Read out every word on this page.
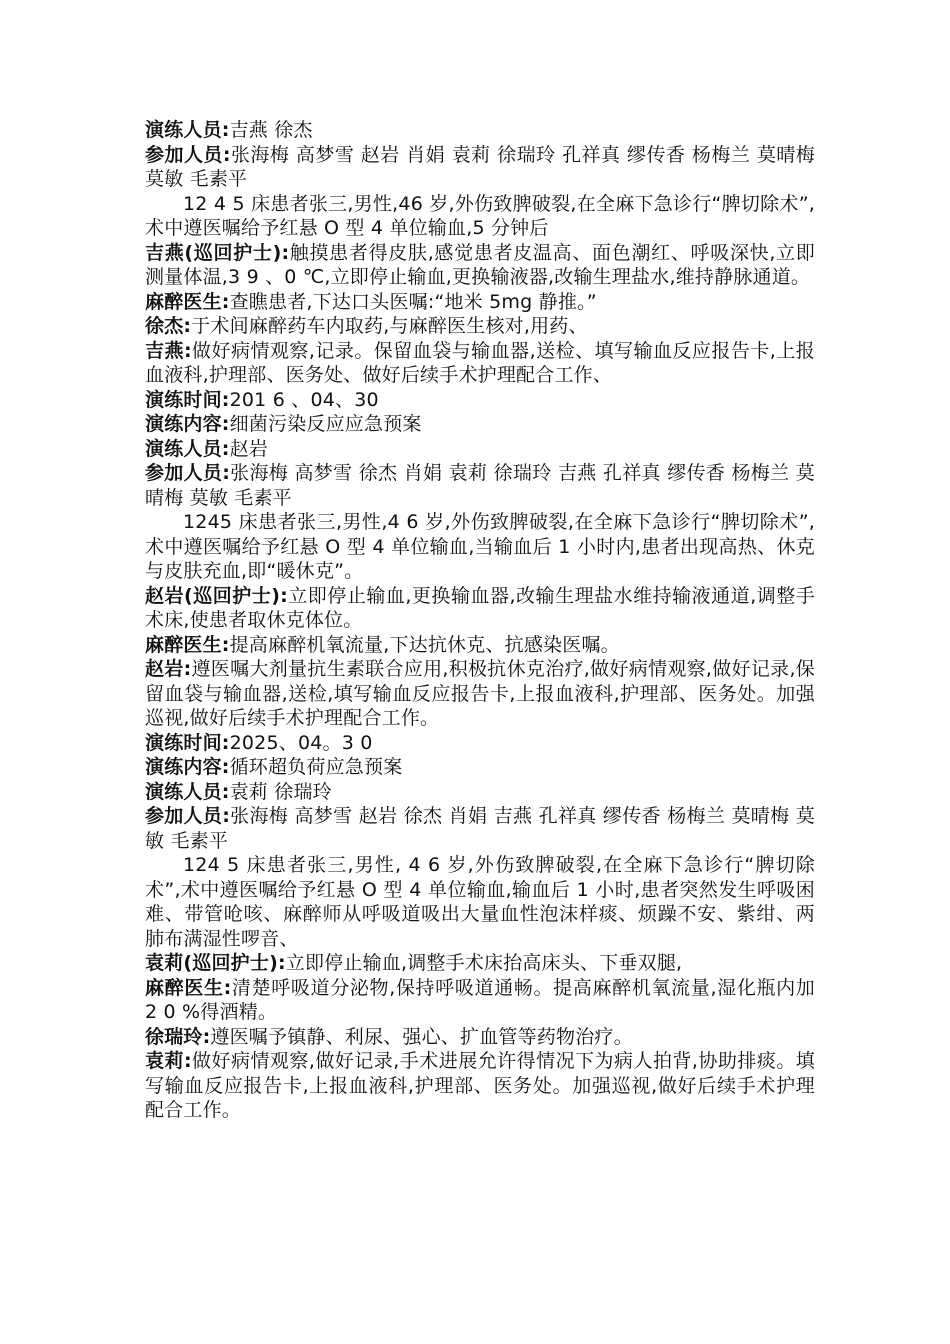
演练人员:吉燕 徐杰

参加人员:张海梅 高梦雪 赵岩 肖娟 袁莉 徐瑞玲 孔祥真 缪传香 杨梅兰 莫晴梅 莫敏 毛素平

12 4 5 床患者张三,男性,46 岁,外伤致脾破裂,在全麻下急诊行“脾切除术”,术中遵医嘱给予红悬 O 型 4 单位输血,5 分钟后

吉燕(巡回护士):触摸患者得皮肤,感觉患者皮温高、面色潮红、呼吸深快,立即测量体温,3 9 、0 ℃,立即停止输血,更换输液器,改输生理盐水,维持静脉通道。

麻醉医生:查瞧患者,下达口头医嘱:“地米 5mg 静推。”

徐杰:于术间麻醉药车内取药,与麻醉医生核对,用药、

吉燕:做好病情观察,记录。保留血袋与输血器,送检、填写输血反应报告卡,上报血液科,护理部、医务处、做好后续手术护理配合工作、

演练时间:201 6 、04、30

演练内容:细菌污染反应应急预案

演练人员:赵岩

参加人员:张海梅 高梦雪 徐杰 肖娟 袁莉 徐瑞玲 吉燕 孔祥真 缪传香 杨梅兰 莫晴梅 莫敏 毛素平

1245 床患者张三,男性,4 6 岁,外伤致脾破裂,在全麻下急诊行“脾切除术”,术中遵医嘱给予红悬 O 型 4 单位输血,当输血后 1 小时内,患者出现高热、休克与皮肤充血,即“暖休克”。

赵岩(巡回护士):立即停止输血,更换输血器,改输生理盐水维持输液通道,调整手术床,使患者取休克体位。

麻醉医生:提高麻醉机氧流量,下达抗休克、抗感染医嘱。

赵岩:遵医嘱大剂量抗生素联合应用,积极抗休克治疗,做好病情观察,做好记录,保留血袋与输血器,送检,填写输血反应报告卡,上报血液科,护理部、医务处。加强巡视,做好后续手术护理配合工作。

演练时间:2025、04。3 0

演练内容:循环超负荷应急预案

演练人员:袁莉 徐瑞玲

参加人员:张海梅 高梦雪 赵岩 徐杰 肖娟 吉燕 孔祥真 缪传香 杨梅兰 莫晴梅 莫敏 毛素平

124 5 床患者张三,男性, 4 6 岁,外伤致脾破裂,在全麻下急诊行“脾切除术”,术中遵医嘱给予红悬 O 型 4 单位输血,输血后 1 小时,患者突然发生呼吸困难、带管呛咳、麻醉师从呼吸道吸出大量血性泡沫样痰、烦躁不安、紫绀、两肺布满湿性啰音、

袁莉(巡回护士):立即停止输血,调整手术床抬高床头、下垂双腿,

麻醉医生:清楚呼吸道分泌物,保持呼吸道通畅。提高麻醉机氧流量,湿化瓶内加 2 0 %得酒精。

徐瑞玲:遵医嘱予镇静、利尿、强心、扩血管等药物治疗。

袁莉:做好病情观察,做好记录,手术进展允许得情况下为病人拍背,协助排痰。填写输血反应报告卡,上报血液科,护理部、医务处。加强巡视,做好后续手术护理配合工作。
